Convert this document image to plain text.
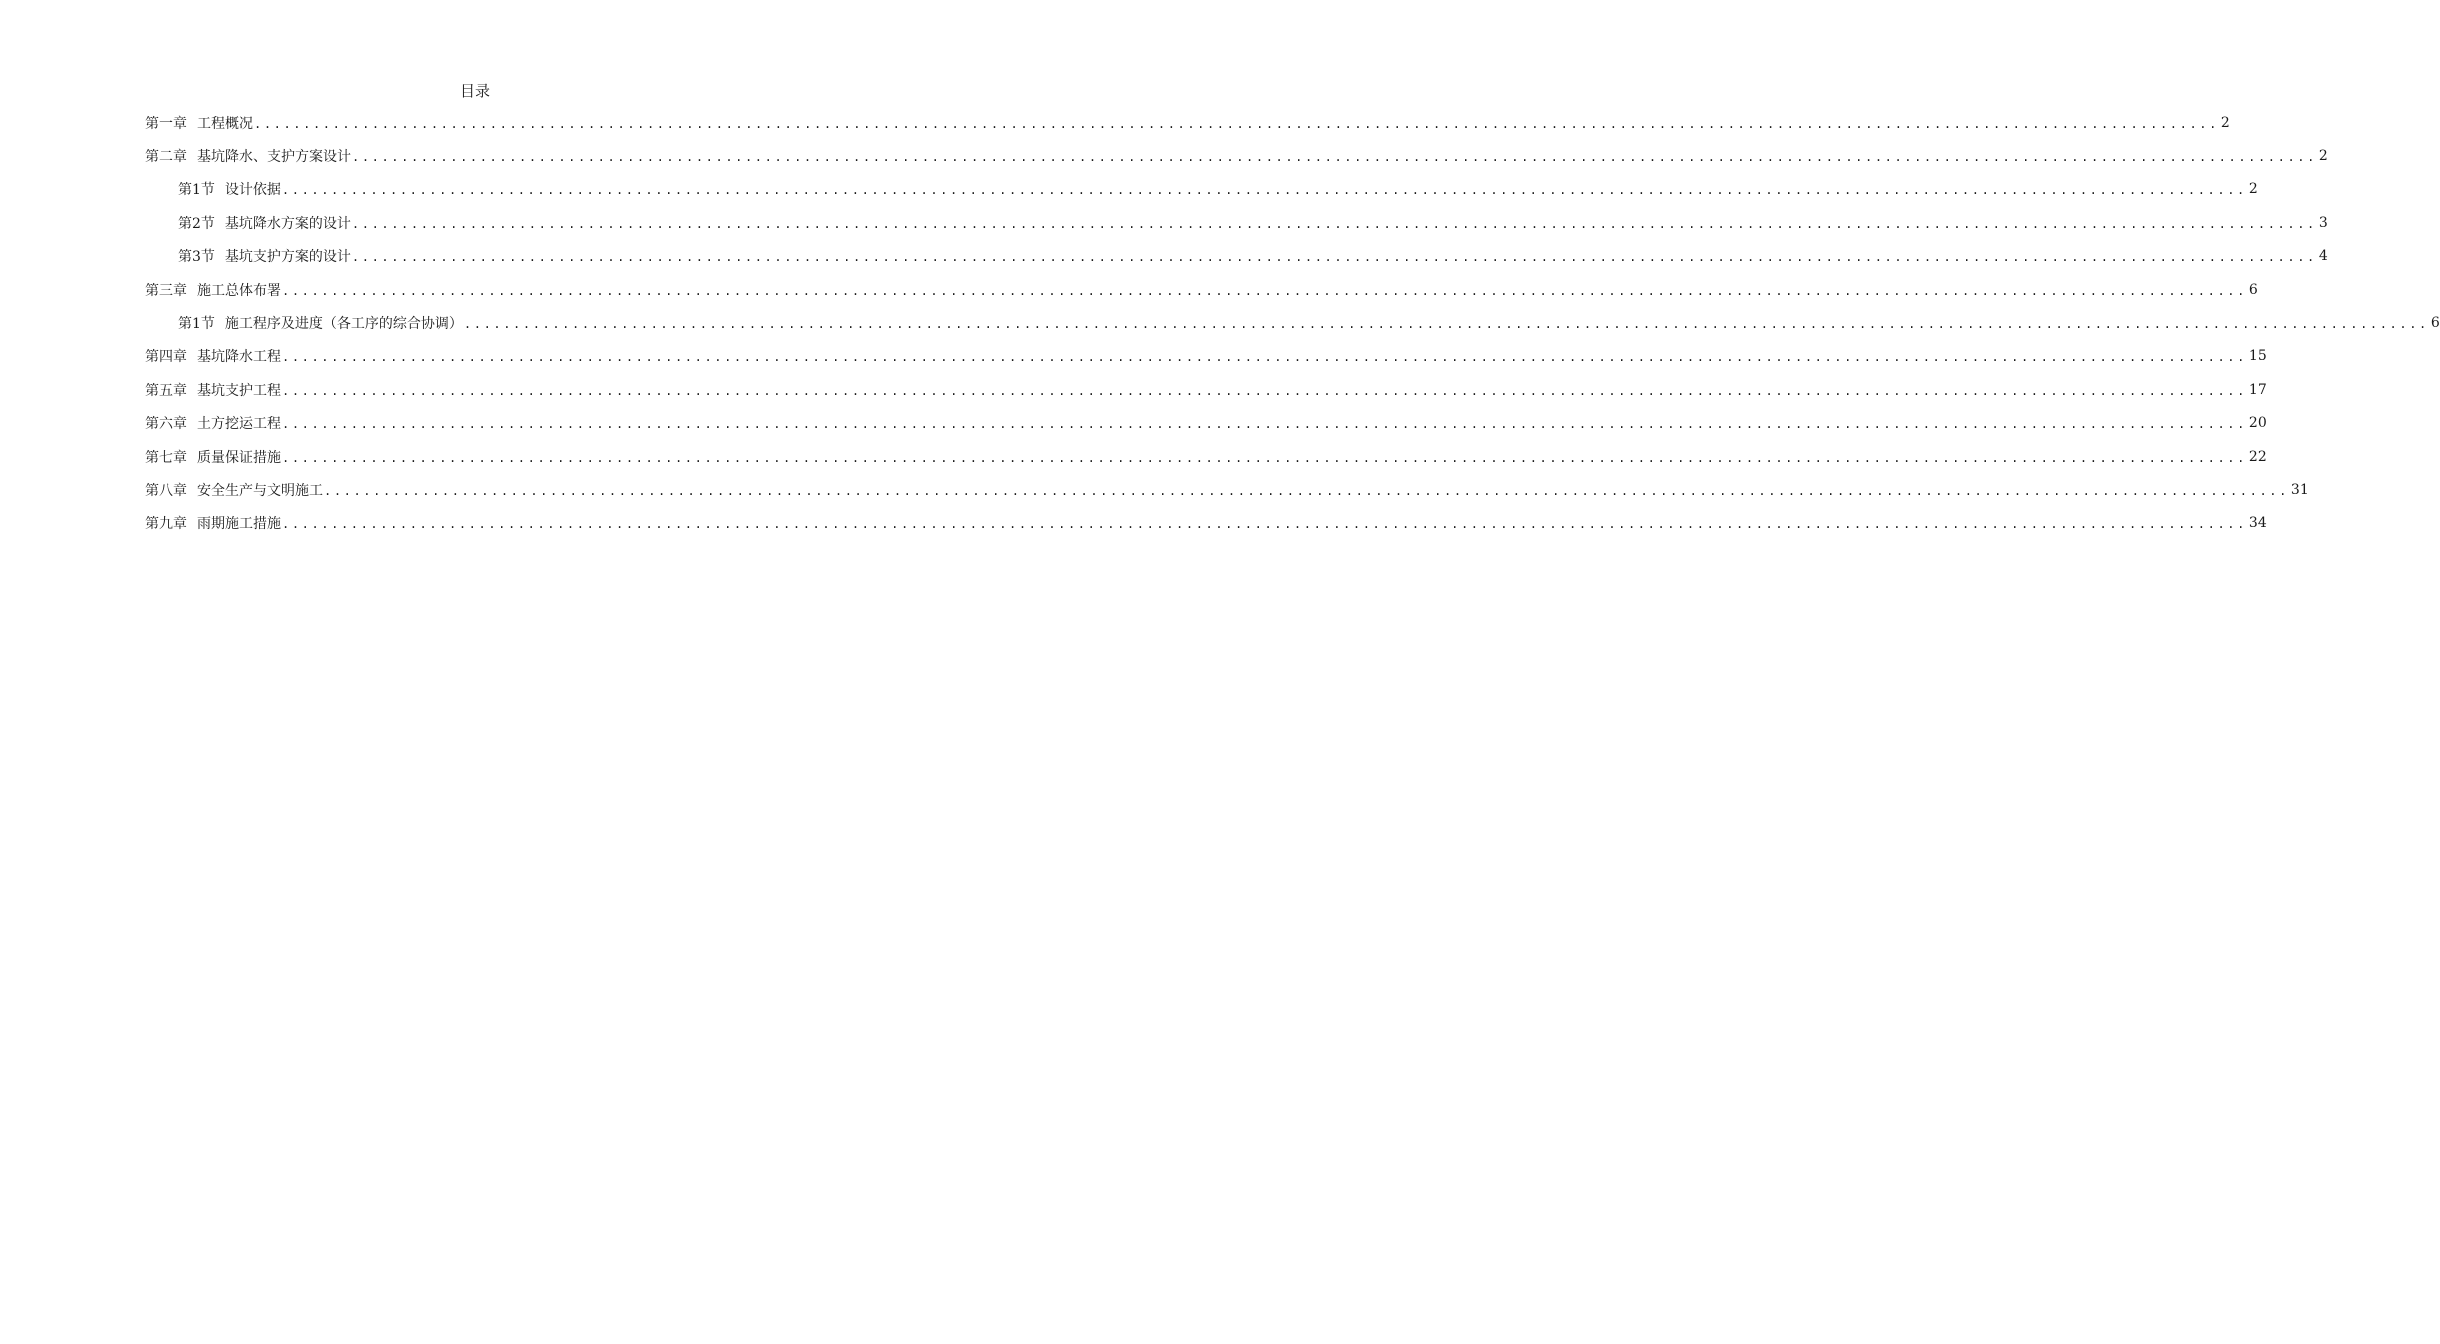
目录
第一章 工程概况 ........................................................................................................................................................................................................ 2
第二章 基坑降水、支护方案设计 ........................................................................................................................................................................................................ 2
第1节 设计依据 ........................................................................................................................................................................................................ 2
第2节 基坑降水方案的设计 ........................................................................................................................................................................................................ 3
第3节 基坑支护方案的设计 ........................................................................................................................................................................................................ 4
第三章 施工总体布署 ........................................................................................................................................................................................................ 6
第1节 施工程序及进度（各工序的综合协调） ........................................................................................................................................................................................................ 6
第四章 基坑降水工程 ........................................................................................................................................................................................................ 15
第五章 基坑支护工程 ........................................................................................................................................................................................................ 17
第六章 土方挖运工程 ........................................................................................................................................................................................................ 20
第七章 质量保证措施 ........................................................................................................................................................................................................ 22
第八章 安全生产与文明施工 ........................................................................................................................................................................................................ 31
第九章 雨期施工措施 ........................................................................................................................................................................................................ 34
